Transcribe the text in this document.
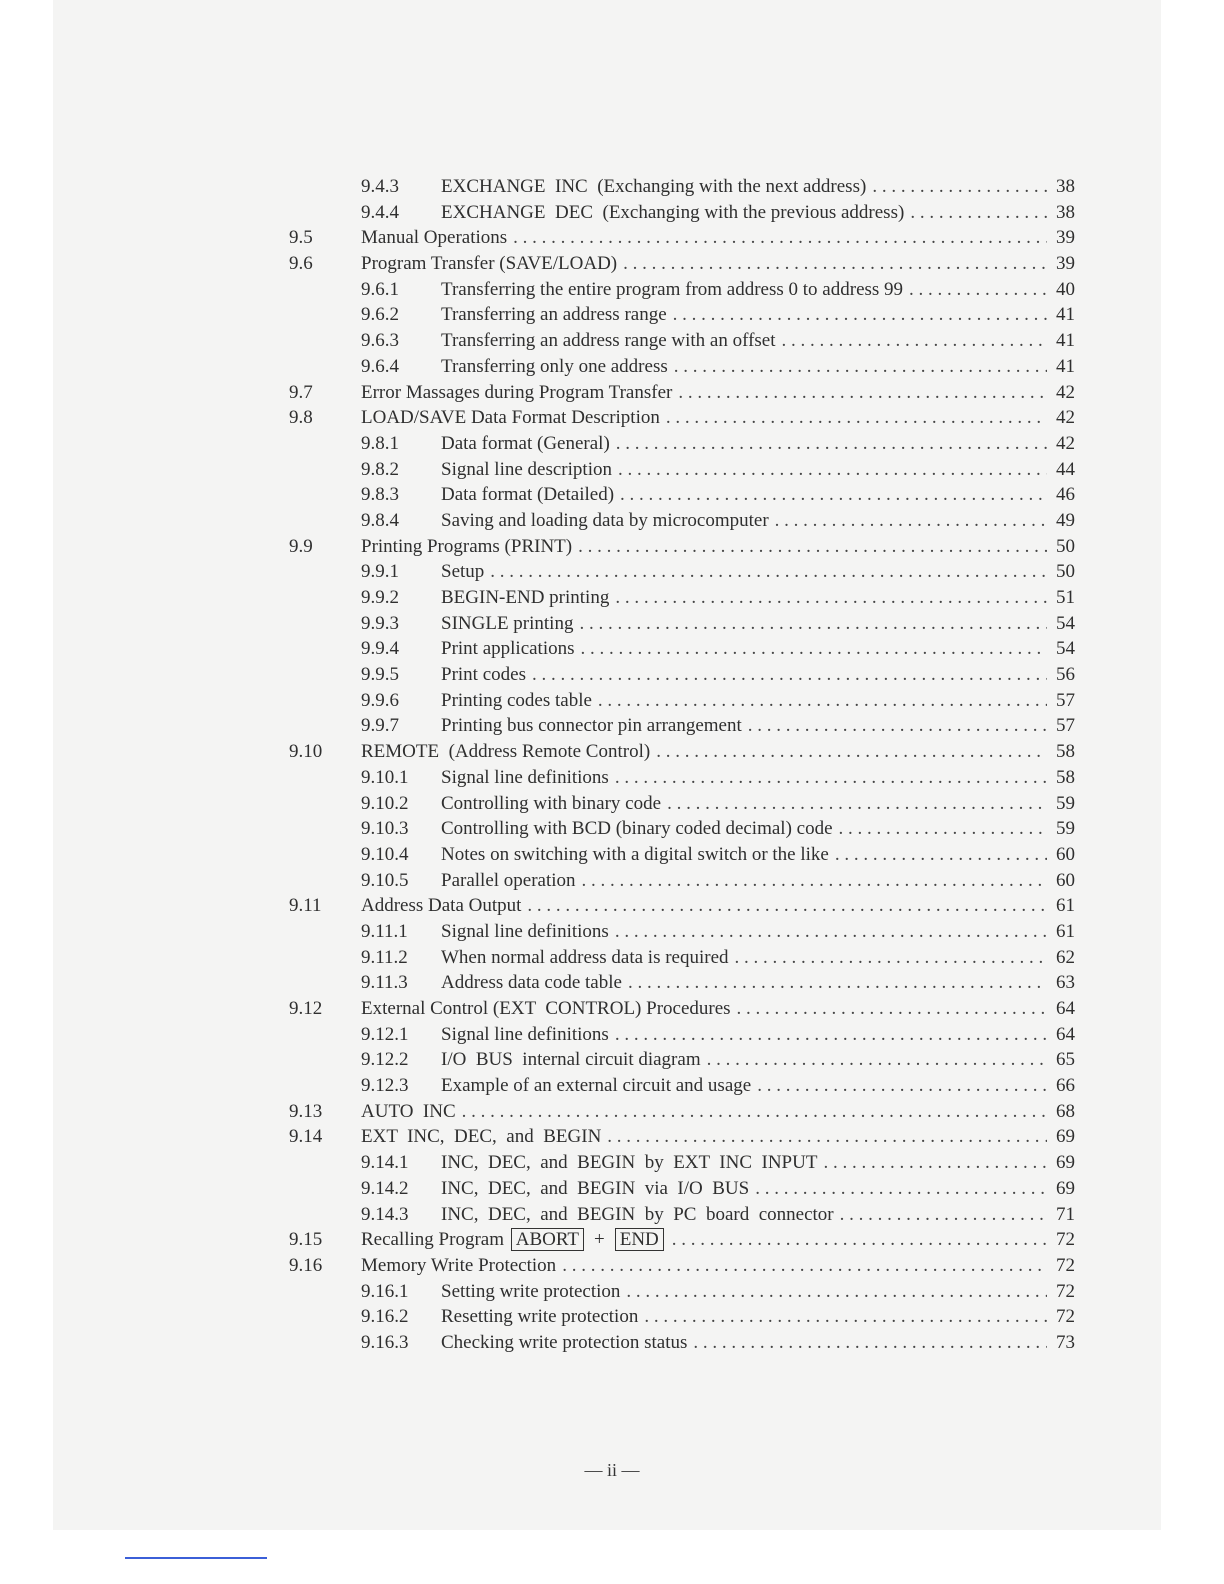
9.4.3	EXCHANGE  INC  (Exchanging with the next address) . . .	38
9.4.4	EXCHANGE  DEC  (Exchanging with the previous address) . . .	38
9.5	Manual Operations . . .	39
9.6	Program Transfer (SAVE/LOAD) . . .	39
9.6.1	Transferring the entire program from address 0 to address 99 . . .	40
9.6.2	Transferring an address range . . .	41
9.6.3	Transferring an address range with an offset . . .	41
9.6.4	Transferring only one address . . .	41
9.7	Error Massages during Program Transfer . . .	42
9.8	LOAD/SAVE Data Format Description . . .	42
9.8.1	Data format (General) . . .	42
9.8.2	Signal line description . . .	44
9.8.3	Data format (Detailed) . . .	46
9.8.4	Saving and loading data by microcomputer . . .	49
9.9	Printing Programs (PRINT) . . .	50
9.9.1	Setup . . .	50
9.9.2	BEGIN-END printing . . .	51
9.9.3	SINGLE printing . . .	54
9.9.4	Print applications . . .	54
9.9.5	Print codes . . .	56
9.9.6	Printing codes table . . .	57
9.9.7	Printing bus connector pin arrangement . . .	57
9.10	REMOTE  (Address Remote Control) . . .	58
9.10.1	Signal line definitions . . .	58
9.10.2	Controlling with binary code . . .	59
9.10.3	Controlling with BCD (binary coded decimal) code . . .	59
9.10.4	Notes on switching with a digital switch or the like . . .	60
9.10.5	Parallel operation . . .	60
9.11	Address Data Output . . .	61
9.11.1	Signal line definitions . . .	61
9.11.2	When normal address data is required . . .	62
9.11.3	Address data code table . . .	63
9.12	External Control (EXT  CONTROL) Procedures . . .	64
9.12.1	Signal line definitions . . .	64
9.12.2	I/O  BUS  internal circuit diagram . . .	65
9.12.3	Example of an external circuit and usage . . .	66
9.13	AUTO  INC . . .	68
9.14	EXT  INC,  DEC,  and  BEGIN . . .	69
9.14.1	INC,  DEC,  and  BEGIN  by  EXT  INC  INPUT . . .	69
9.14.2	INC,  DEC,  and  BEGIN  via  I/O  BUS . . .	69
9.14.3	INC,  DEC,  and  BEGIN  by  PC  board  connector . . .	71
9.15	Recalling Program ABORT + END . . .	72
9.16	Memory Write Protection . . .	72
9.16.1	Setting write protection . . .	72
9.16.2	Resetting write protection . . .	72
9.16.3	Checking write protection status . . .	73
— ii —
